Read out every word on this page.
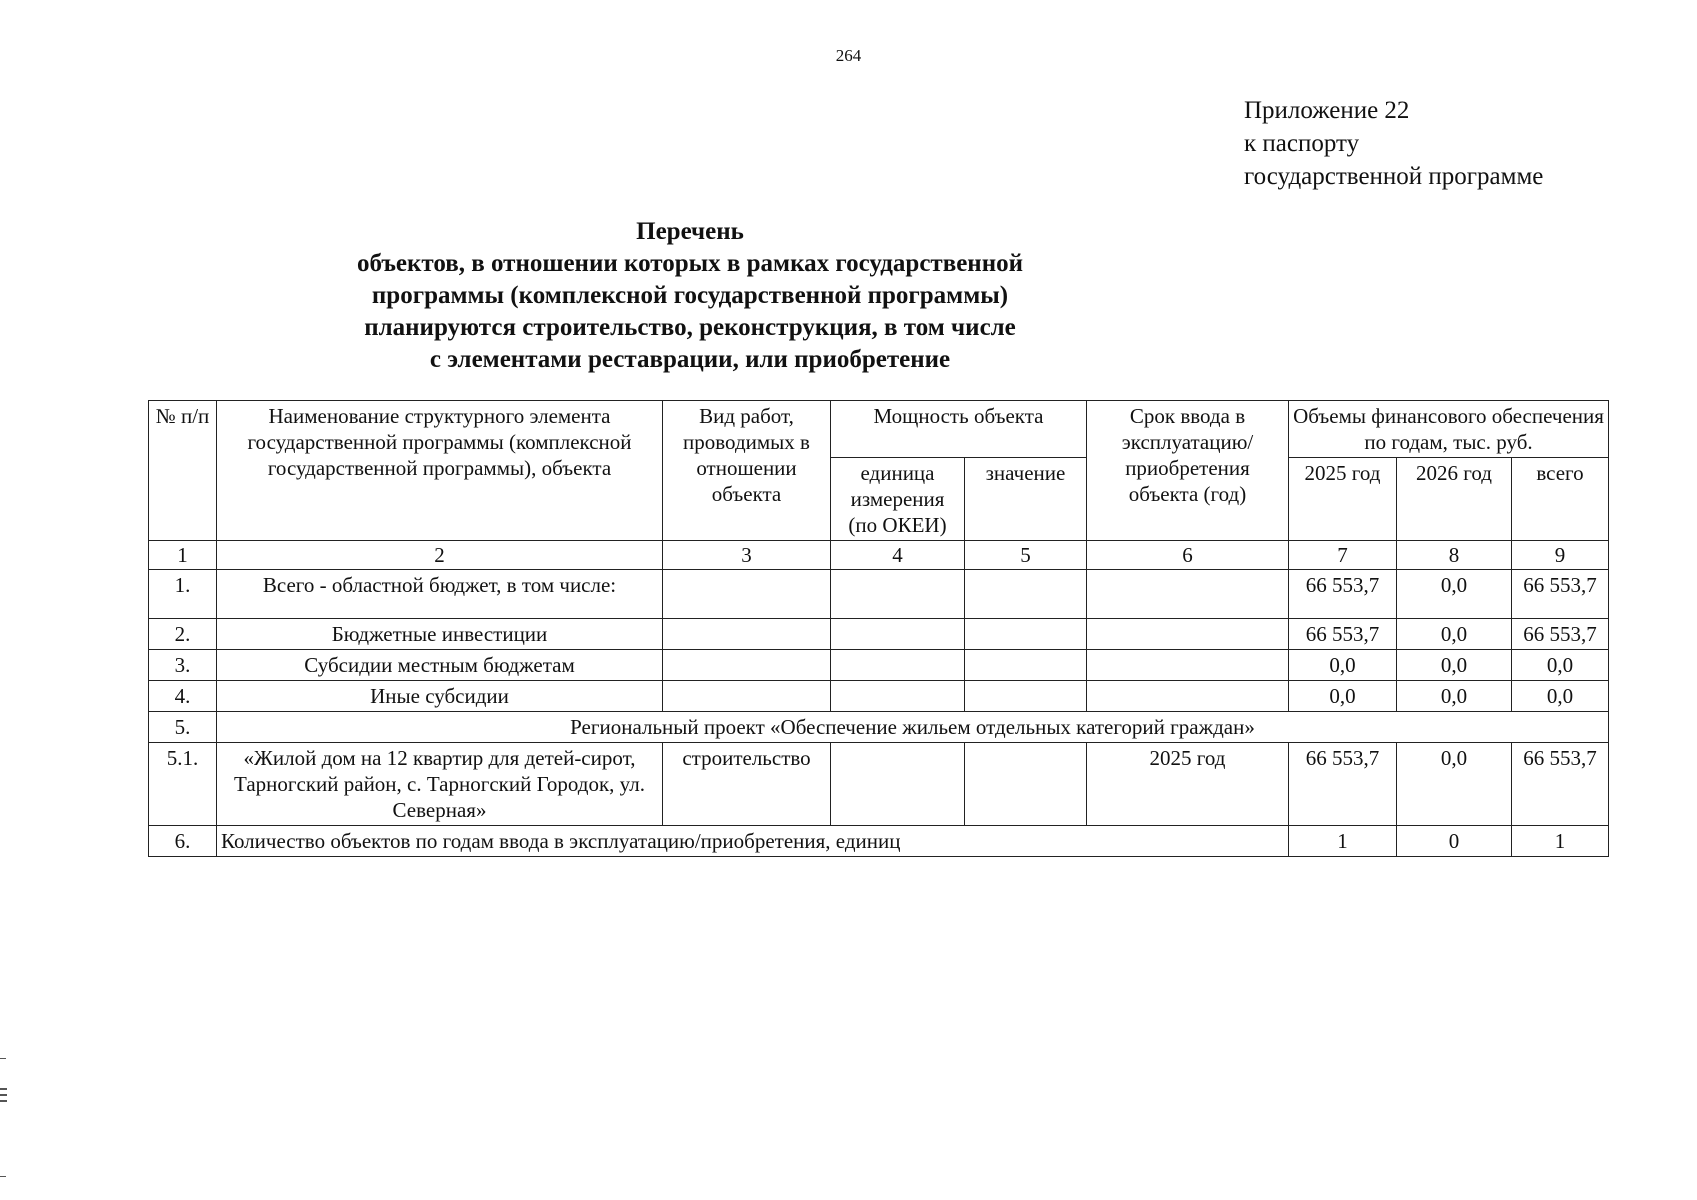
264
Приложение 22
к паспорту
государственной программе
Перечень
объектов, в отношении которых в рамках государственной
программы (комплексной государственной программы)
планируются строительство, реконструкция, в том числе
с элементами реставрации, или приобретение
№ п/п	Наименование структурного элемента государственной программы (комплексной государственной программы), объекта	Вид работ, проводимых в отношении объекта	Мощность объекта		Срок ввода в эксплуатацию/приобретения объекта (год)	Объемы финансового обеспечения по годам, тыс. руб.		
			единица измерения (по ОКЕИ)	значение		2025 год	2026 год	всего
1	2	3	4	5	6	7	8	9
1.	Всего - областной бюджет, в том числе:					66 553,7	0,0	66 553,7
2.	Бюджетные инвестиции					66 553,7	0,0	66 553,7
3.	Субсидии местным бюджетам					0,0	0,0	0,0
4.	Иные субсидии					0,0	0,0	0,0
5.	Региональный проект «Обеспечение жильем отдельных категорий граждан»							
5.1.	«Жилой дом на 12 квартир для детей-сирот, Тарногский район, с. Тарногский Городок, ул. Северная»	строительство			2025 год	66 553,7	0,0	66 553,7
6.	Количество объектов по годам ввода в эксплуатацию/приобретения, единиц					1	0	1
